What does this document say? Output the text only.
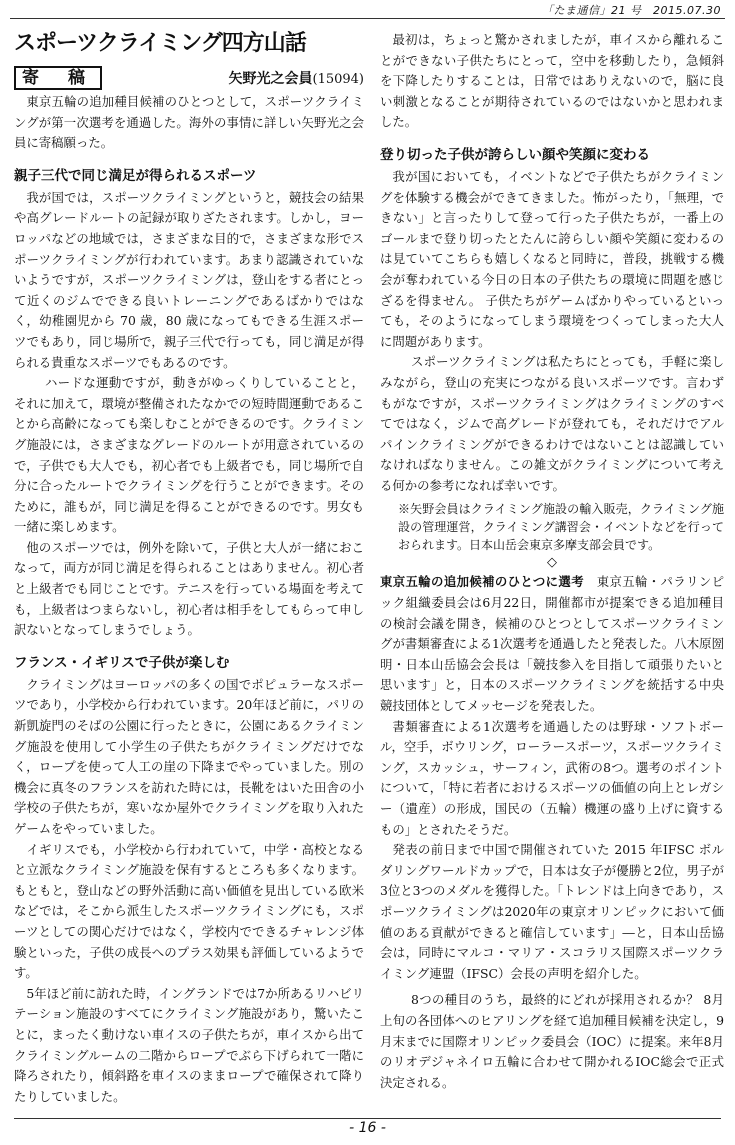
「たま通信」21 号　2015.07.30
スポーツクライミング四方山話
寄　稿	矢野光之会員(15094)

東京五輪の追加種目候補のひとつとして，スポーツクライミングが第一次選考を通過した。海外の事情に詳しい矢野光之会員に寄稿願った。

親子三代で同じ満足が得られるスポーツ

我が国では，スポーツクライミングというと，競技会の結果や高グレードルートの記録が取りざたされます。しかし，ヨーロッパなどの地域では，さまざまな目的で，さまざまな形でスポーツクライミングが行われています。あまり認識されていないようですが，スポーツクライミングは，登山をする者にとって近くのジムでできる良いトレーニングであるばかりではなく，幼稚園児から 70 歳，80 歳になってもできる生涯スポーツでもあり，同じ場所で，親子三代で行っても，同じ満足が得られる貴重なスポーツでもあるのです。

ハードな運動ですが，動きがゆっくりしていることと，それに加えて，環境が整備されたなかでの短時間運動であることから高齢になっても楽しむことができるのです。クライミング施設には，さまざまなグレードのルートが用意されているので，子供でも大人でも，初心者でも上級者でも，同じ場所で自分に合ったルートでクライミングを行うことができます。そのために，誰もが，同じ満足を得ることができるのです。男女も一緒に楽しめます。

他のスポーツでは，例外を除いて，子供と大人が一緒におこなって，両方が同じ満足を得られることはありません。初心者と上級者でも同じことです。テニスを行っている場面を考えても，上級者はつまらないし，初心者は相手をしてもらって申し訳ないとなってしまうでしょう。

フランス・イギリスで子供が楽しむ

クライミングはヨーロッパの多くの国でポピュラーなスポーツであり，小学校から行われています。20年ほど前に，パリの新凱旋門のそばの公園に行ったときに，公園にあるクライミング施設を使用して小学生の子供たちがクライミングだけでなく，ロープを使って人工の崖の下降までやっていました。別の機会に真冬のフランスを訪れた時には，長靴をはいた田舎の小学校の子供たちが，寒いなか屋外でクライミングを取り入れたゲームをやっていました。

イギリスでも，小学校から行われていて，中学・高校となると立派なクライミング施設を保有するところも多くなります。もともと，登山などの野外活動に高い価値を見出している欧米などでは，そこから派生したスポーツクライミングにも，スポーツとしての関心だけではなく，学校内でできるチャレンジ体験といった，子供の成長へのプラス効果も評価しているようです。

5年ほど前に訪れた時，イングランドでは7か所あるリハビリテーション施設のすべてにクライミング施設があり，驚いたことに，まったく動けない車イスの子供たちが，車イスから出てクライミングルームの二階からロープでぶら下げられて一階に降ろされたり，傾斜路を車イスのままロープで確保されて降りたりしていました。

最初は，ちょっと驚かされましたが，車イスから離れることができない子供たちにとって，空中を移動したり，急傾斜を下降したりすることは，日常ではありえないので，脳に良い刺激となることが期待されているのではないかと思われました。

登り切った子供が誇らしい顔や笑顔に変わる

我が国においても，イベントなどで子供たちがクライミングを体験する機会ができてきました。怖がったり，「無理，できない」と言ったりして登って行った子供たちが，一番上のゴールまで登り切ったとたんに誇らしい顔や笑顔に変わるのは見ていてこちらも嬉しくなると同時に，普段，挑戦する機会が奪われている今日の日本の子供たちの環境に問題を感じざるを得ません。 子供たちがゲームばかりやっているといっても，そのようになってしまう環境をつくってしまった大人に問題があります。

スポーツクライミングは私たちにとっても，手軽に楽しみながら，登山の充実につながる良いスポーツです。言わずもがなですが，スポーツクライミングはクライミングのすべてではなく，ジムで高グレードが登れても，それだけでアルパインクライミングができるわけではないことは認識していなければなりません。この雑文がクライミングについて考える何かの参考になれば幸いです。

※矢野会員はクライミング施設の輸入販売，クライミング施設の管理運営，クライミング講習会・イベントなどを行っておられます。日本山岳会東京多摩支部会員です。

◇

東京五輪の追加候補のひとつに選考　 東京五輪・パラリンピック組織委員会は6月22日，開催都市が提案できる追加種目の検討会議を開き，候補のひとつとしてスポーツクライミングが書類審査による1次選考を通過したと発表した。八木原圀明・日本山岳協会会長は「競技参入を目指して頑張りたいと思います」と，日本のスポーツクライミングを統括する中央競技団体としてメッセージを発表した。

書類審査による1次選考を通過したのは野球・ソフトボール，空手，ボウリング，ローラースポーツ，スポーツクライミング，スカッシュ，サーフィン，武術の8つ。選考のポイントについて，「特に若者におけるスポーツの価値の向上とレガシー（遺産）の形成，国民の（五輪）機運の盛り上げに資するもの」とされたそうだ。

発表の前日まで中国で開催されていた 2015 年IFSC ボルダリングワールドカップで，日本は女子が優勝と2位，男子が3位と3つのメダルを獲得した。「トレンドは上向きであり，スポーツクライミングは2020年の東京オリンピックにおいて価値のある貢献ができると確信しています」―と，日本山岳協会は，同時にマルコ・マリア・スコラリス国際スポーツクライミング連盟（IFSC）会長の声明を紹介した。

8つの種目のうち，最終的にどれが採用されるか？ 8月上旬の各団体へのヒアリングを経て追加種目候補を決定し，9月末までに国際オリンピック委員会（IOC）に提案。来年8月のリオデジャネイロ五輪に合わせて開かれるIOC総会で正式決定される。

- 16 -
